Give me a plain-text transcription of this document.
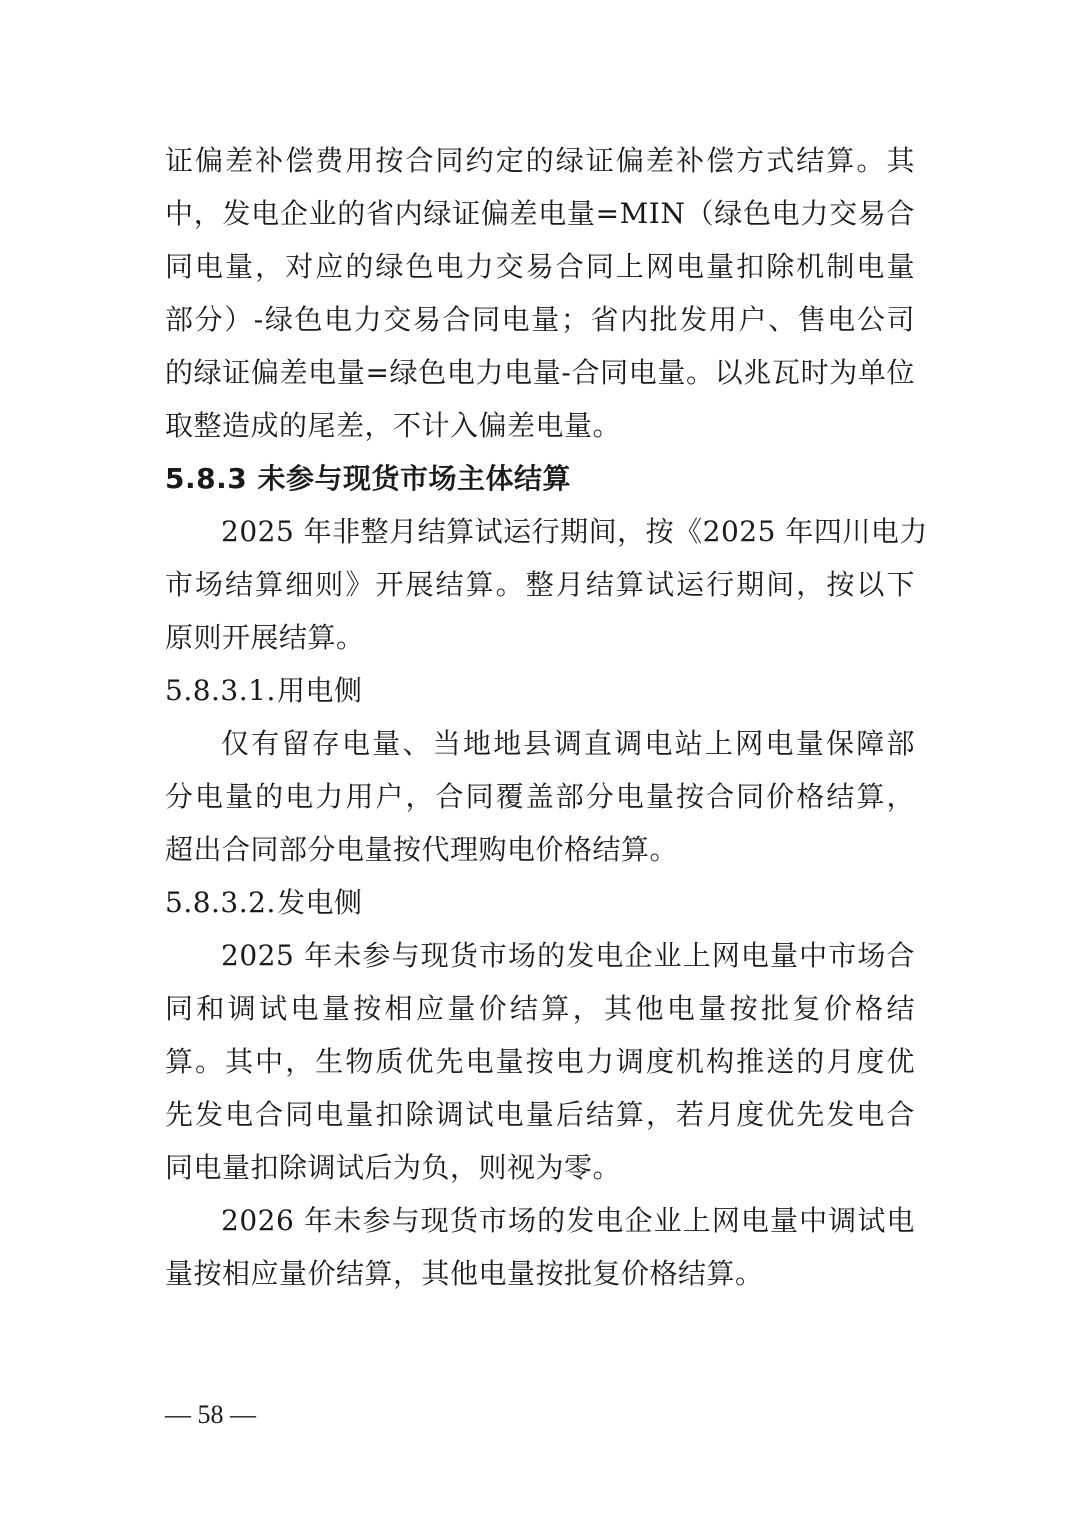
证偏差补偿费用按合同约定的绿证偏差补偿方式结算。其
中，发电企业的省内绿证偏差电量=MIN（绿色电力交易合
同电量，对应的绿色电力交易合同上网电量扣除机制电量
部分）-绿色电力交易合同电量；省内批发用户、售电公司
的绿证偏差电量=绿色电力电量-合同电量。以兆瓦时为单位
取整造成的尾差，不计入偏差电量。
5.8.3 未参与现货市场主体结算
2025 年非整月结算试运行期间，按《2025 年四川电力
市场结算细则》开展结算。整月结算试运行期间，按以下
原则开展结算。
5.8.3.1.用电侧
仅有留存电量、当地地县调直调电站上网电量保障部
分电量的电力用户，合同覆盖部分电量按合同价格结算，
超出合同部分电量按代理购电价格结算。
5.8.3.2.发电侧
2025 年未参与现货市场的发电企业上网电量中市场合
同和调试电量按相应量价结算，其他电量按批复价格结
算。其中，生物质优先电量按电力调度机构推送的月度优
先发电合同电量扣除调试电量后结算，若月度优先发电合
同电量扣除调试后为负，则视为零。
2026 年未参与现货市场的发电企业上网电量中调试电
量按相应量价结算，其他电量按批复价格结算。
— 58 —
